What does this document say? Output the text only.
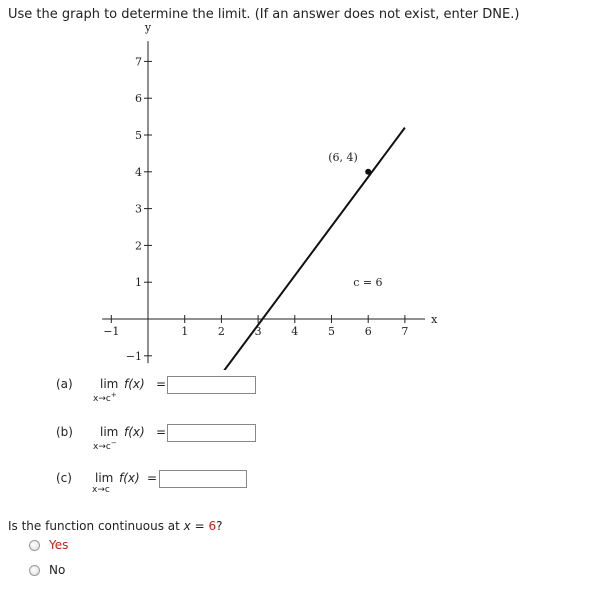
Use the graph to determine the limit. (If an answer does not exist, enter DNE.)
−1	1	2	3	4	5	6	7
−1
1
2
3
4
5
6
7
y
x
(6, 4)
c = 6
(a) lim
x→c+
f(x) =
(b) lim
x→c−
f(x) =
(c) lim
x→c
f(x) =
Is the function continuous at x = 6?
Yes
No
